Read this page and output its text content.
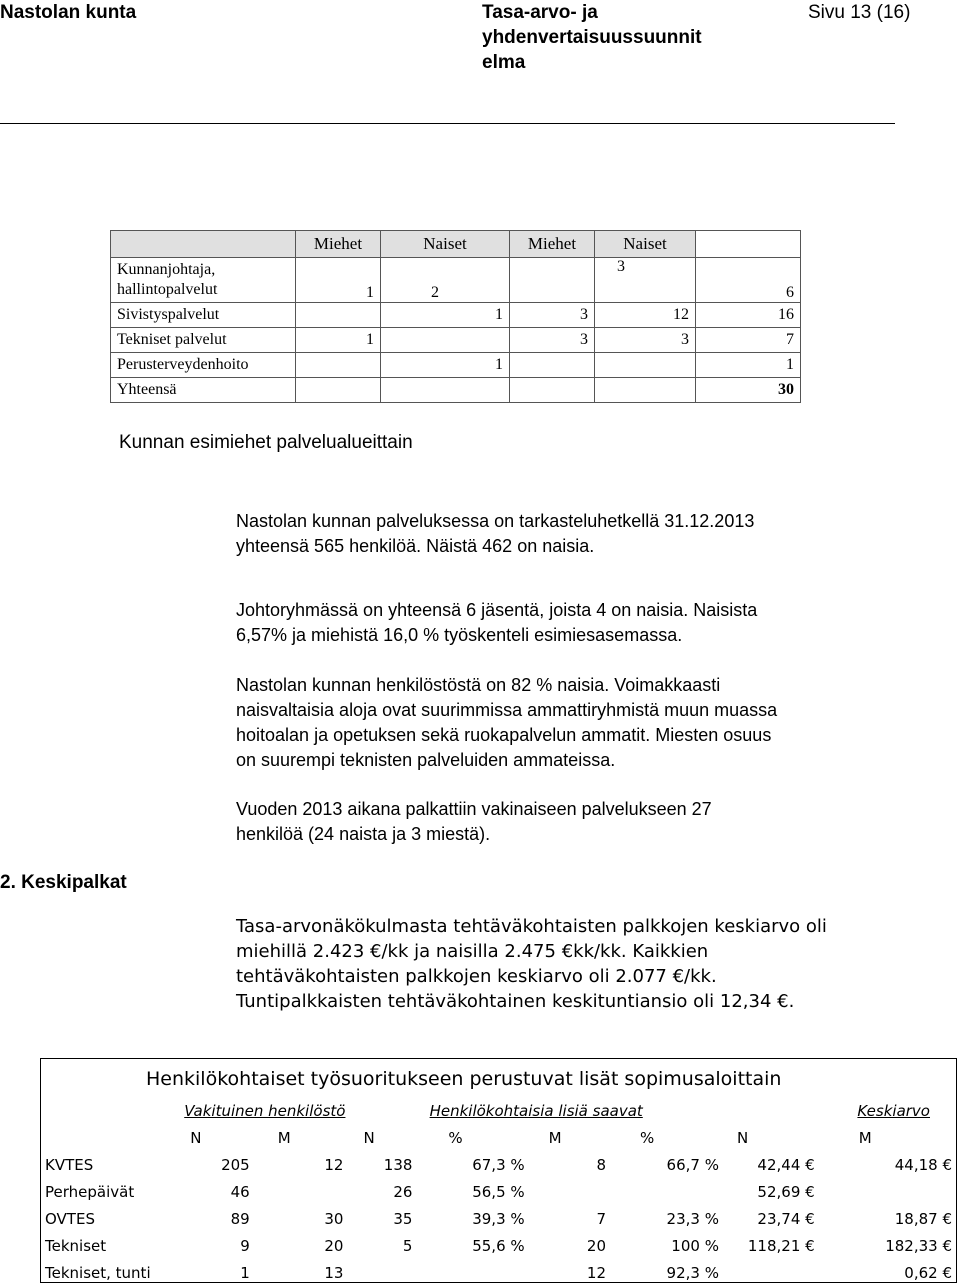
Nastolan kunta	Tasa-arvo- ja
yhdenvertaisuussuunnit
elma
Sivu 13 (16)
	Miehet	Naiset	Miehet	Naiset	

Kunnanjohtaja,
hallintopalvelut	1	2		3	6
Sivistyspalvelut		1	3	12	16
Tekniset palvelut	1		3	3	7
Perusterveydenhoito		1			1
Yhteensä					30
Kunnan esimiehet palvelualueittain
Nastolan kunnan palveluksessa on tarkasteluhetkellä 31.12.2013
yhteensä 565 henkilöä. Näistä 462 on naisia.
Johtoryhmässä on yhteensä 6 jäsentä, joista 4 on naisia. Naisista
6,57% ja miehistä 16,0 % työskenteli esimiesasemassa.
Nastolan kunnan henkilöstöstä on 82 % naisia. Voimakkaasti
naisvaltaisia aloja ovat suurimmissa ammattiryhmistä muun muassa
hoitoalan ja opetuksen sekä ruokapalvelun ammatit. Miesten osuus
on suurempi teknisten palveluiden ammateissa.
Vuoden 2013 aikana palkattiin vakinaiseen palvelukseen 27
henkilöä (24 naista ja 3 miestä).
2. Keskipalkat
Tasa-arvonäkökulmasta tehtäväkohtaisten palkkojen keskiarvo oli
miehillä 2.423 €/kk ja naisilla 2.475 €kk/kk. Kaikkien
tehtäväkohtaisten palkkojen keskiarvo oli 2.077 €/kk.
Tuntipalkkaisten tehtäväkohtainen keskituntiansio oli 12,34 €.
Henkilökohtaiset työsuoritukseen perustuvat lisät sopimusaloittain
	Vakituinen henkilöstö		Henkilökohtaisia lisiä saavat				Keskiarvo	
	N	M	N	%	M	%	N	M
KVTES	205	12	138	67,3 %	8	66,7 %	42,44 €	44,18 €
Perhepäivät	46		26	56,5 %			52,69 €	
OVTES	89	30	35	39,3 %	7	23,3 %	23,74 €	18,87 €
Tekniset	9	20	5	55,6 %	20	100 %	118,21 €	182,33 €
Tekniset, tunti	1	13			12	92,3 %		0,62 €
